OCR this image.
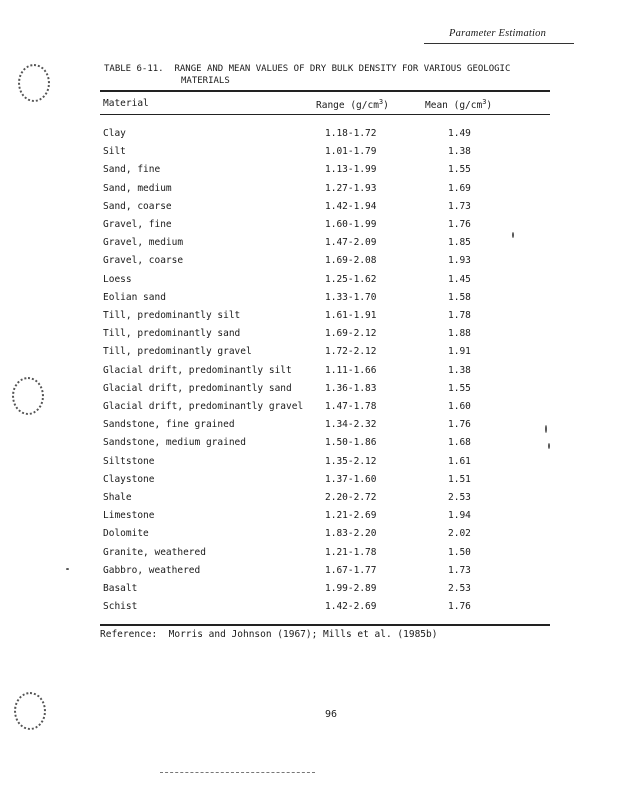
Parameter Estimation
TABLE 6-11.  RANGE AND MEAN VALUES OF DRY BULK DENSITY FOR VARIOUS GEOLOGIC
MATERIALS
Material	Range $(g/cm^3)$	Mean $(g/cm^3)$
Clay	1.18-1.72	1.49
Silt	1.01-1.79	1.38
Sand, fine	1.13-1.99	1.55
Sand, medium	1.27-1.93	1.69
Sand, coarse	1.42-1.94	1.73
Gravel, fine	1.60-1.99	1.76
Gravel, medium	1.47-2.09	1.85
Gravel, coarse	1.69-2.08	1.93
Loess	1.25-1.62	1.45
Eolian sand	1.33-1.70	1.58
Till, predominantly silt	1.61-1.91	1.78
Till, predominantly sand	1.69-2.12	1.88
Till, predominantly gravel	1.72-2.12	1.91
Glacial drift, predominantly silt	1.11-1.66	1.38
Glacial drift, predominantly sand	1.36-1.83	1.55
Glacial drift, predominantly gravel 1.47-1.78	1.60
Sandstone, fine grained	1.34-2.32	1.76
Sandstone, medium grained	1.50-1.86	1.68
Siltstone	1.35-2.12	1.61
Claystone	1.37-1.60	1.51
Shale	2.20-2.72	2.53
Limestone	1.21-2.69	1.94
Dolomite	1.83-2.20	2.02
Granite, weathered	1.21-1.78	1.50
Gabbro, weathered	1.67-1.77	1.73
Basalt	1.99-2.89	2.53
Schist	1.42-2.69	1.76
Reference:  Morris and Johnson (1967); Mills et al. (1985b)
96
